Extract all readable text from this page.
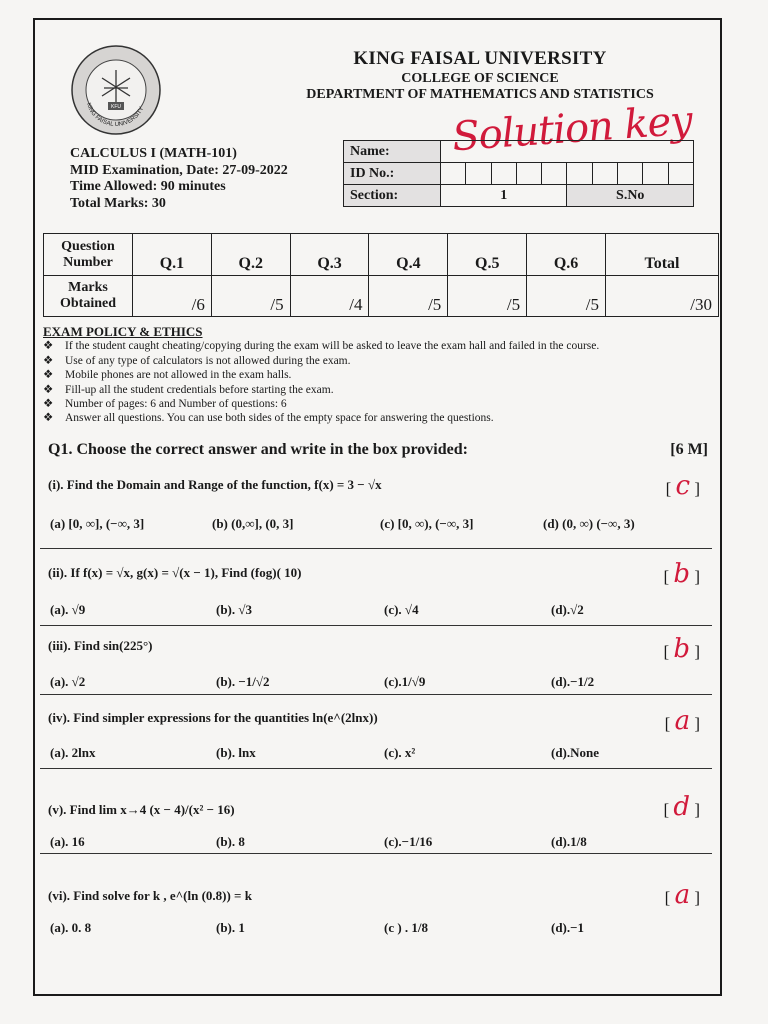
KFU
KING FAISAL UNIVERSITY
KING FAISAL UNIVERSITY
COLLEGE OF SCIENCE
DEPARTMENT OF MATHEMATICS AND STATISTICS
Solution key
CALCULUS I (MATH-101)
MID Examination, Date: 27-09-2022
Time Allowed: 90 minutes
Total Marks: 30
Name:										
ID No.:										
Section:	1					S.No				
Question Number	Q.1	Q.2	Q.3	Q.4	Q.5	Q.6	Total
Marks Obtained	/6	/5	/4	/5	/5	/5	/30
EXAM POLICY & ETHICS
❖ If the student caught cheating/copying during the exam will be asked to leave the exam hall and failed in the course.
❖ Use of any type of calculators is not allowed during the exam.
❖ Mobile phones are not allowed in the exam halls.
❖ Fill-up all the student credentials before starting the exam.
❖ Number of pages: 6 and Number of questions: 6
❖ Answer all questions. You can use both sides of the empty space for answering the questions.
Q1. Choose the correct answer and write in the box provided:	[6 M]
(i). Find the Domain and Range of the function, f(x) = 3 − √x	[ c ]
(a) [0, ∞], (−∞, 3]	(b) (0,∞], (0, 3]	(c) [0, ∞), (−∞, 3]	(d) (0, ∞) (−∞, 3)
(ii). If f(x) = √x, g(x) = √(x − 1), Find (fog)( 10)	[ b ]
(a). √9	(b). √3	(c). √4	(d).√2
(iii). Find sin(225°)	[ b ]
(a). √2	(b). −1/√2	(c).1/√9	(d).−1/2
(iv). Find simpler expressions for the quantities ln(e^(2lnx))	[ a ]
(a). 2lnx	(b). lnx	(c). x²	(d).None
(v). Find lim x→4 (x − 4)/(x² − 16)	[ d ]
(a). 16	(b). 8	(c).−1/16	(d).1/8
(vi). Find solve for k , e^(ln (0.8)) = k	[ a ]
(a). 0. 8	(b). 1	(c ) . 1/8	(d).−1
